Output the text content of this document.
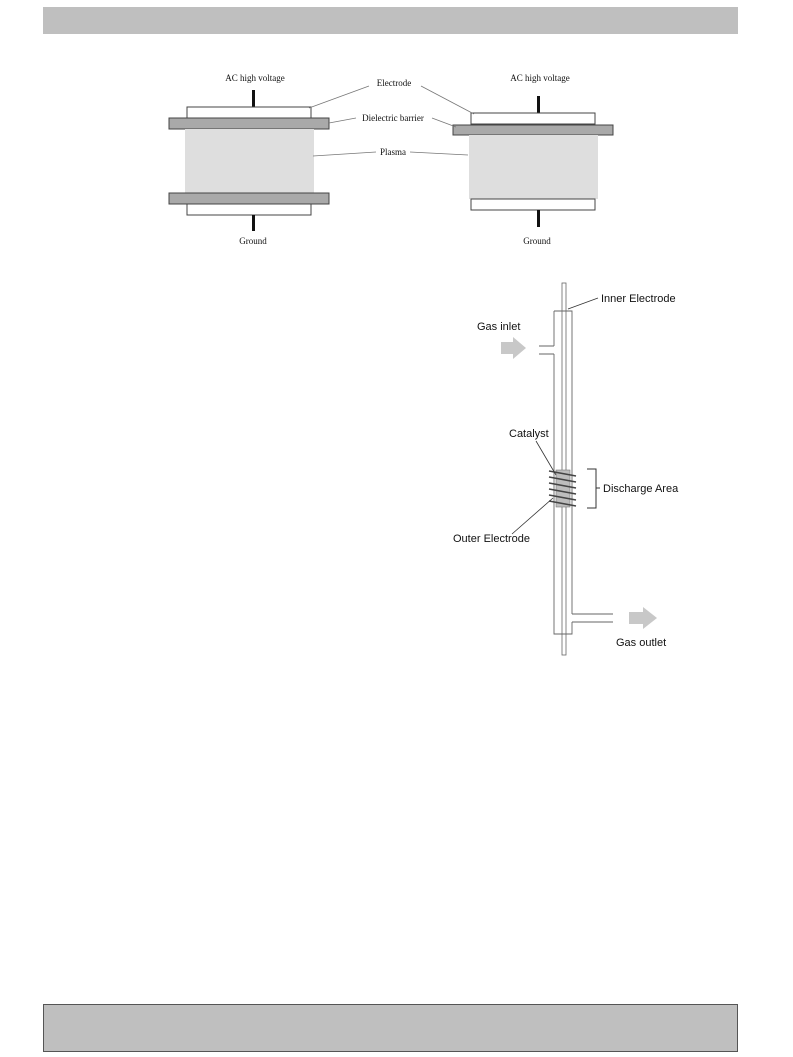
AC high voltage
Ground
AC high voltage
Ground
Electrode
Dielectric barrier
Plasma
Inner Electrode
Gas inlet
Catalyst
Discharge Area
Outer Electrode
Gas outlet
